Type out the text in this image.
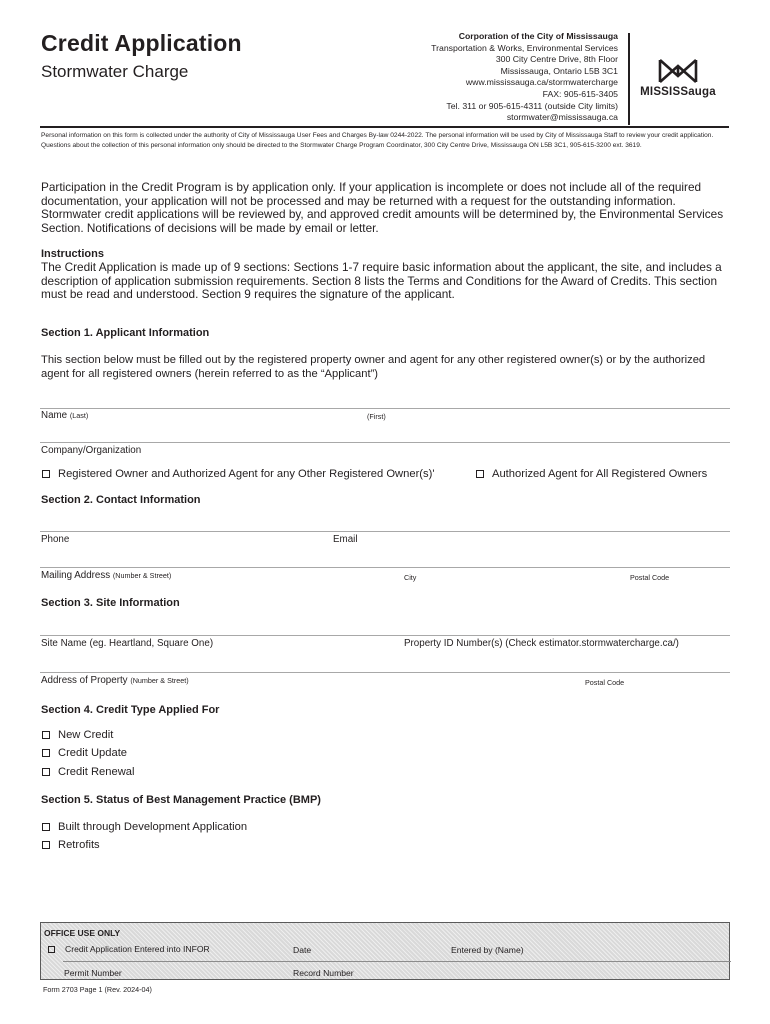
Credit Application
Stormwater Charge
Corporation of the City of Mississauga
Transportation & Works, Environmental Services
300 City Centre Drive, 8th Floor
Mississauga, Ontario L5B 3C1
www.mississauga.ca/stormwatercharge
FAX: 905-615-3405
Tel. 311 or 905-615-4311 (outside City limits)
stormwater@mississauga.ca
MISSISSauga
Personal information on this form is collected under the authority of City of Mississauga User Fees and Charges By-law 0244-2022. The personal information will be used by City of Mississauga Staff to review your credit application. Questions about the collection of this personal information only should be directed to the Stormwater Charge Program Coordinator, 300 City Centre Drive, Mississauga ON L5B 3C1, 905-615-3200 ext. 3619.
Participation in the Credit Program is by application only. If your application is incomplete or does not include all of the required documentation, your application will not be processed and may be returned with a request for the outstanding information. Stormwater credit applications will be reviewed by, and approved credit amounts will be determined by, the Environmental Services Section. Notifications of decisions will be made by email or letter.
Instructions
The Credit Application is made up of 9 sections: Sections 1-7 require basic information about the applicant, the site, and includes a description of application submission requirements. Section 8 lists the Terms and Conditions for the Award of Credits. This section must be read and understood. Section 9 requires the signature of the applicant.
Section 1. Applicant Information
This section below must be filled out by the registered property owner and agent for any other registered owner(s) or by the authorized agent for all registered owners (herein referred to as the “Applicant”)
Name (Last)	(First)
Company/Organization
Registered Owner and Authorized Agent for any Other Registered Owner(s)'	Authorized Agent for All Registered Owners
Section 2. Contact Information
Phone	Email
Mailing Address (Number & Street)	City	Postal Code
Section 3. Site Information
Site Name (eg. Heartland, Square One)	Property ID Number(s) (Check estimator.stormwatercharge.ca/)
Address of Property (Number & Street)	Postal Code
Section 4. Credit Type Applied For
New Credit
Credit Update
Credit Renewal
Section 5. Status of Best Management Practice (BMP)
Built through Development Application
Retrofits
OFFICE USE ONLY
Credit Application Entered into INFOR	Date	Entered by (Name)
Permit Number	Record Number
Form 2703 Page 1 (Rev. 2024-04)
